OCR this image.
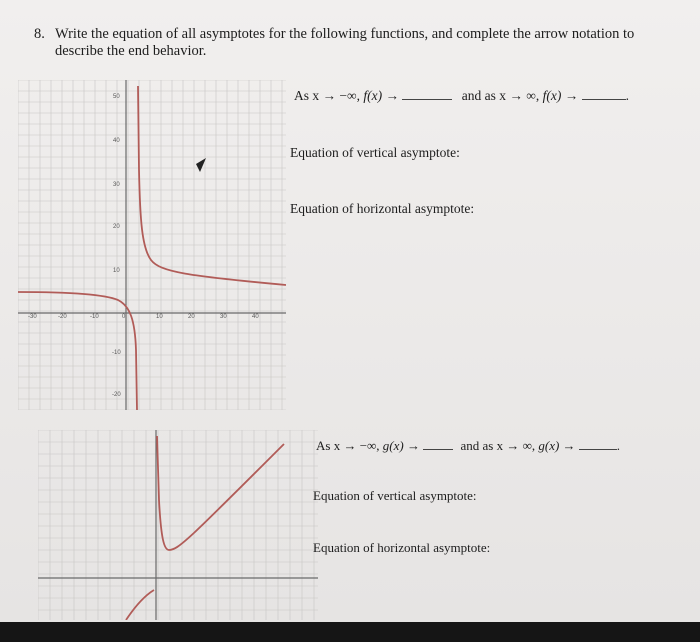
8. Write the equation of all asymptotes for the following functions, and complete the arrow notation to describe the end behavior.
-30	-20	-10	0	10	20	30	40
50
40
30
20
10
-10
-20
As x → −∞, f(x) →	and as x → ∞, f(x) →	.
Equation of vertical asymptote:
Equation of horizontal asymptote:
As x → −∞, g(x) →	and as x → ∞, g(x) →	.
Equation of vertical asymptote:
Equation of horizontal asymptote:
